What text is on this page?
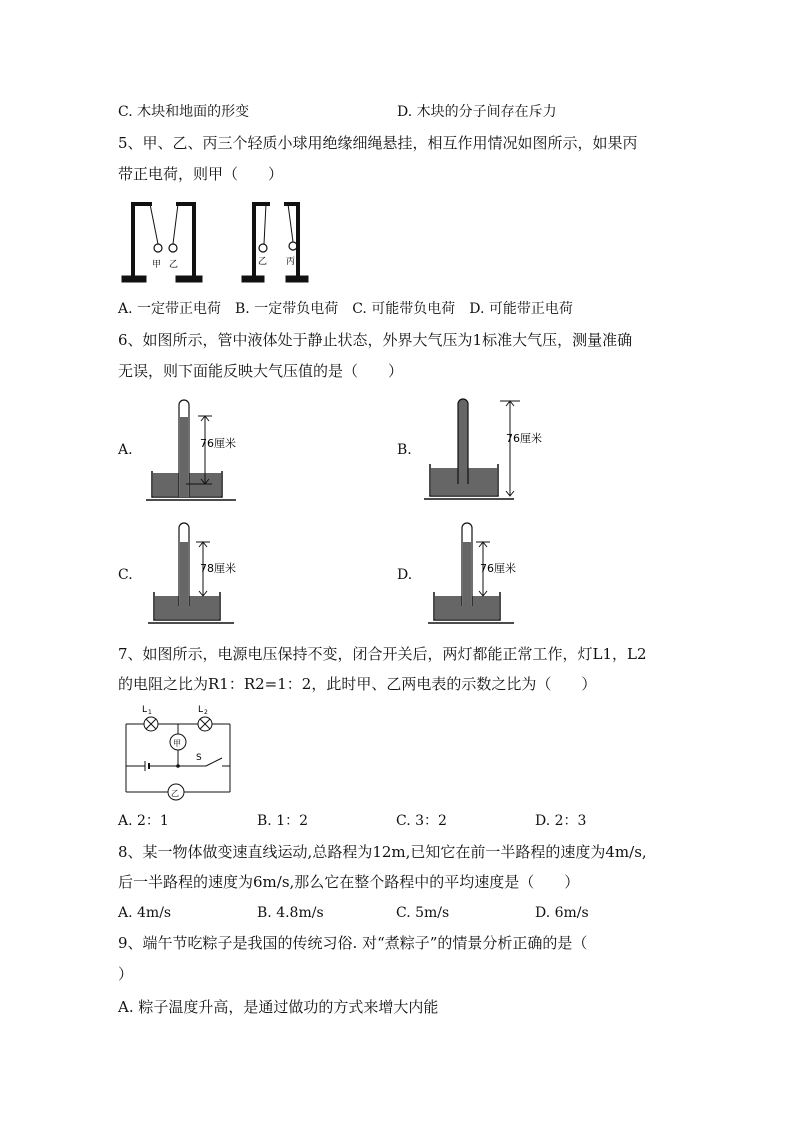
C. 木块和地面的形变	D. 木块的分子间存在斥力
5、甲、乙、丙三个轻质小球用绝缘细绳悬挂，相互作用情况如图所示，如果丙
带正电荷，则甲（　　）
甲 乙	乙 丙
A. 一定带正电荷　B. 一定带负电荷　C. 可能带负电荷　D. 可能带正电荷
6、如图所示，管中液体处于静止状态，外界大气压为1标准大气压，测量准确
无误，则下面能反映大气压值的是（　　）
A.	76厘米	B.
76厘米
C.	78厘米	D.	76厘米
7、如图所示，电源电压保持不变，闭合开关后，两灯都能正常工作，灯L1，L2
的电阻之比为R1：R2=1：2，此时甲、乙两电表的示数之比为（　　）
L 1	L 2
甲
S
乙
A. 2：1	B. 1：2	C. 3：2	D. 2：3
8、某一物体做变速直线运动,总路程为12m,已知它在前一半路程的速度为4m/s,
后一半路程的速度为6m/s,那么它在整个路程中的平均速度是（　　）
A. 4m/s	B. 4.8m/s	C. 5m/s	D. 6m/s
9、端午节吃粽子是我国的传统习俗. 对“煮粽子”的情景分析正确的是（
）
A. 粽子温度升高，是通过做功的方式来增大内能
